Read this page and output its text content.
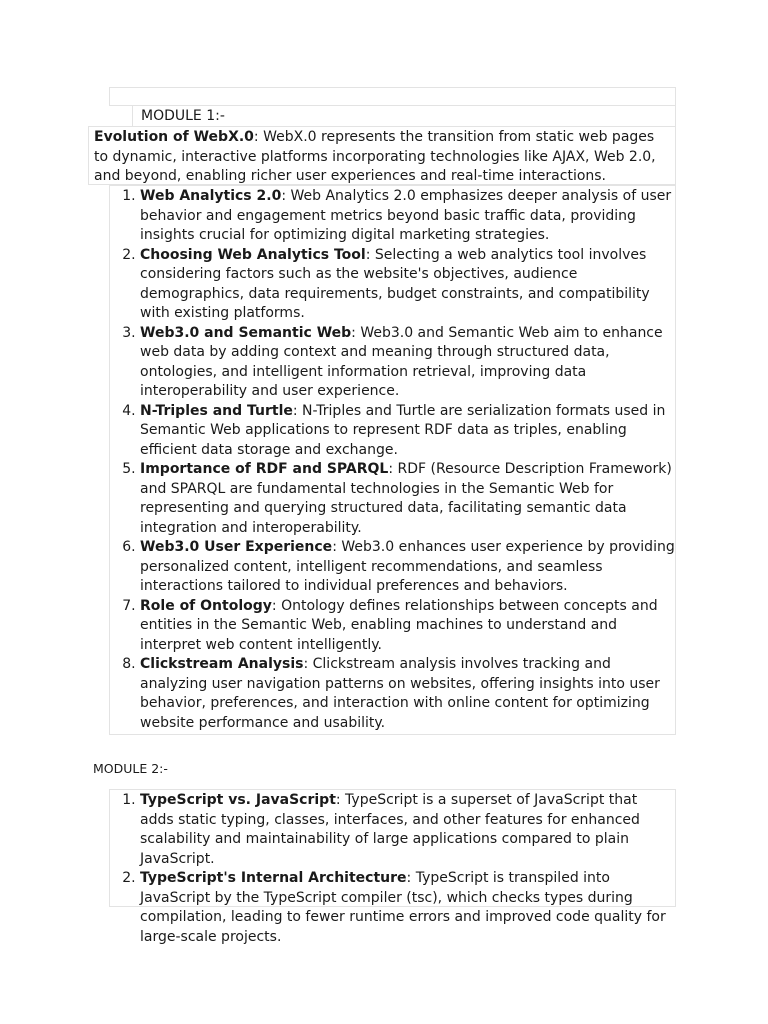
MODULE 1:-
Evolution of WebX.0: WebX.0 represents the transition from static web pages to dynamic, interactive platforms incorporating technologies like AJAX, Web 2.0, and beyond, enabling richer user experiences and real-time interactions.
1. Web Analytics 2.0: Web Analytics 2.0 emphasizes deeper analysis of user behavior and engagement metrics beyond basic traffic data, providing insights crucial for optimizing digital marketing strategies.
2. Choosing Web Analytics Tool: Selecting a web analytics tool involves considering factors such as the website's objectives, audience demographics, data requirements, budget constraints, and compatibility with existing platforms.
3. Web3.0 and Semantic Web: Web3.0 and Semantic Web aim to enhance web data by adding context and meaning through structured data, ontologies, and intelligent information retrieval, improving data interoperability and user experience.
4. N-Triples and Turtle: N-Triples and Turtle are serialization formats used in Semantic Web applications to represent RDF data as triples, enabling efficient data storage and exchange.
5. Importance of RDF and SPARQL: RDF (Resource Description Framework) and SPARQL are fundamental technologies in the Semantic Web for representing and querying structured data, facilitating semantic data integration and interoperability.
6. Web3.0 User Experience: Web3.0 enhances user experience by providing personalized content, intelligent recommendations, and seamless interactions tailored to individual preferences and behaviors.
7. Role of Ontology: Ontology defines relationships between concepts and entities in the Semantic Web, enabling machines to understand and interpret web content intelligently.
8. Clickstream Analysis: Clickstream analysis involves tracking and analyzing user navigation patterns on websites, offering insights into user behavior, preferences, and interaction with online content for optimizing website performance and usability.
MODULE 2:-
1. TypeScript vs. JavaScript: TypeScript is a superset of JavaScript that adds static typing, classes, interfaces, and other features for enhanced scalability and maintainability of large applications compared to plain JavaScript.
2. TypeScript's Internal Architecture: TypeScript is transpiled into JavaScript by the TypeScript compiler (tsc), which checks types during compilation, leading to fewer runtime errors and improved code quality for large-scale projects.
